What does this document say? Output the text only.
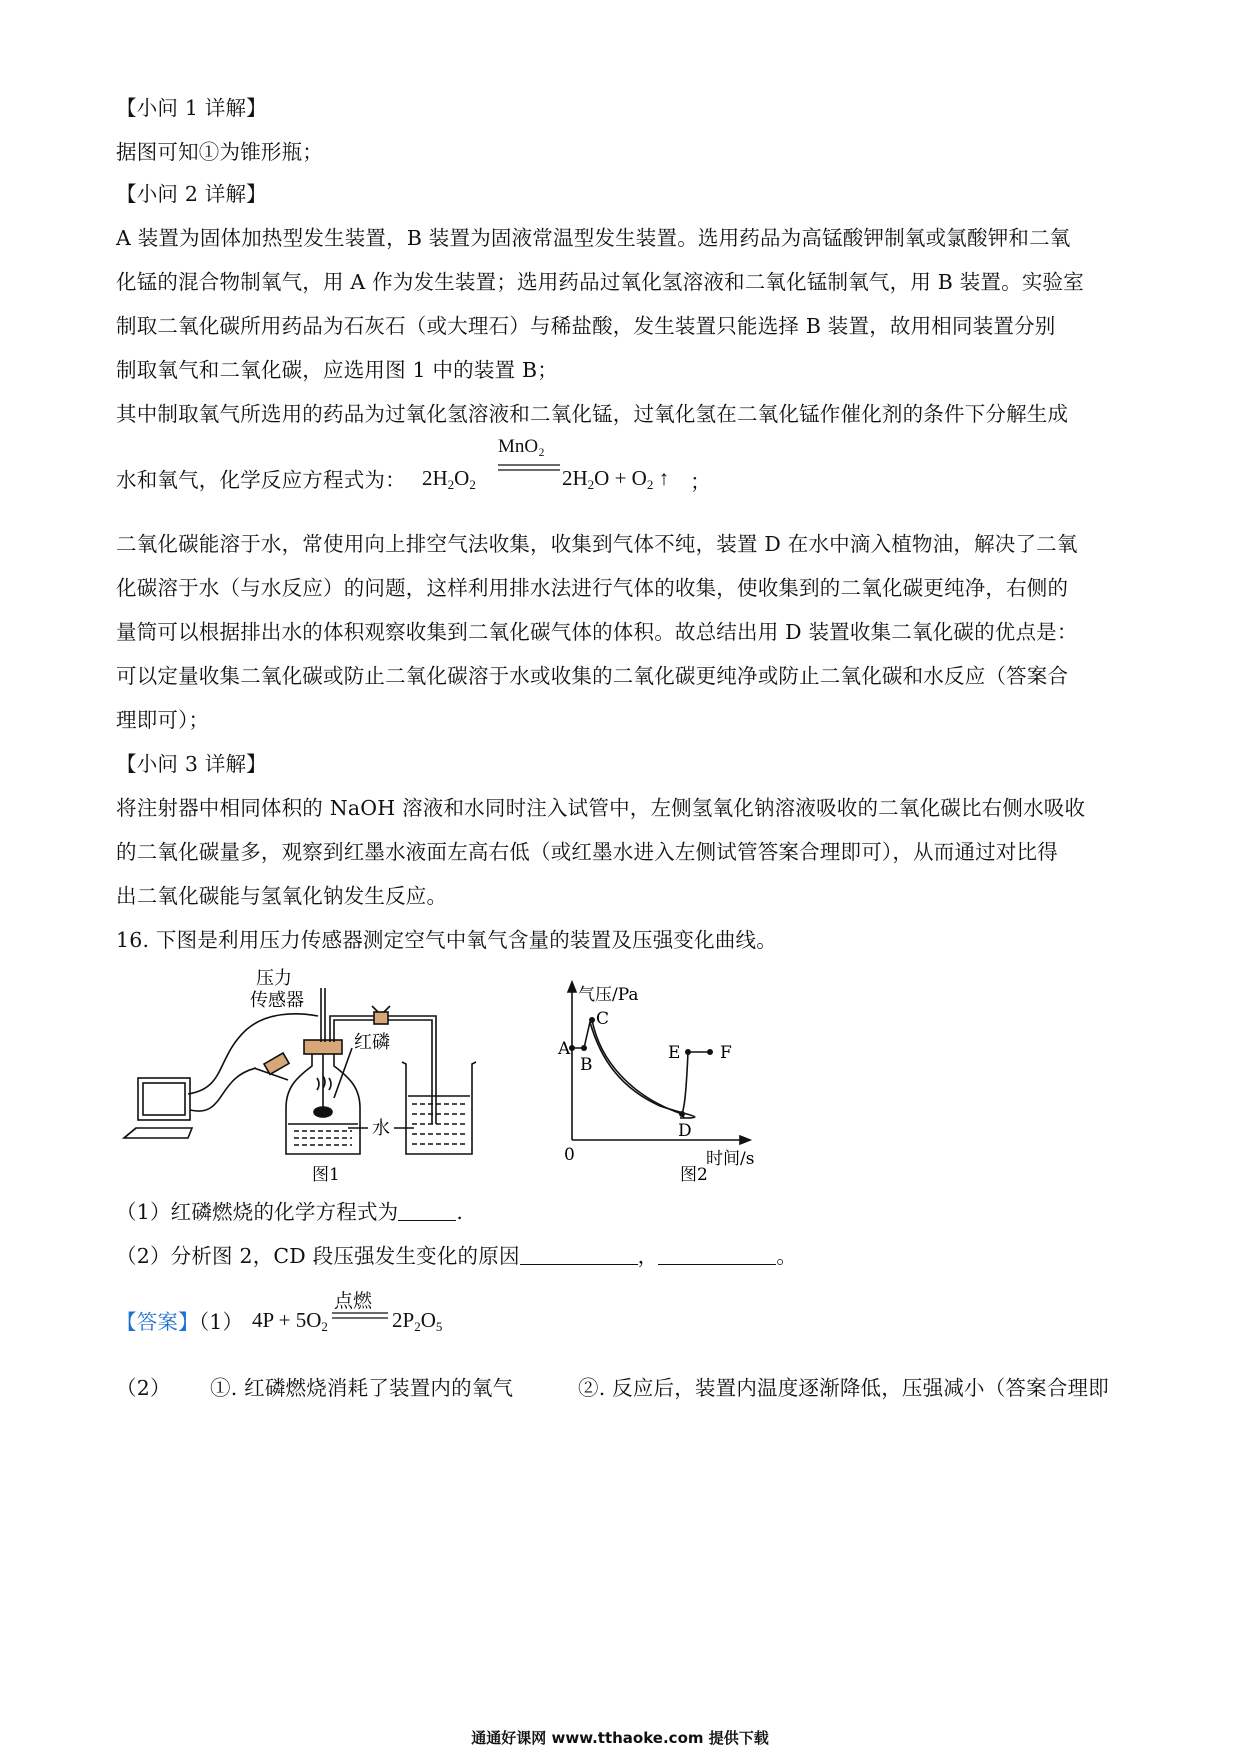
【小问 1 详解】
据图可知①为锥形瓶；
【小问 2 详解】
A 装置为固体加热型发生装置，B 装置为固液常温型发生装置。选用药品为高锰酸钾制氧或氯酸钾和二氧
化锰的混合物制氧气，用 A 作为发生装置；选用药品过氧化氢溶液和二氧化锰制氧气，用 B 装置。实验室
制取二氧化碳所用药品为石灰石（或大理石）与稀盐酸，发生装置只能选择 B 装置，故用相同装置分别
制取氧气和二氧化碳，应选用图 1 中的装置 B；
其中制取氧气所选用的药品为过氧化氢溶液和二氧化锰，过氧化氢在二氧化锰作催化剂的条件下分解生成
水和氧气，化学反应方程式为： $2H_2O_2$
MnO₂
$2H_2O + O_2$ ↑ ；
二氧化碳能溶于水，常使用向上排空气法收集，收集到气体不纯，装置 D 在水中滴入植物油，解决了二氧
化碳溶于水（与水反应）的问题，这样利用排水法进行气体的收集，使收集到的二氧化碳更纯净，右侧的
量筒可以根据排出水的体积观察收集到二氧化碳气体的体积。故总结出用 D 装置收集二氧化碳的优点是：
可以定量收集二氧化碳或防止二氧化碳溶于水或收集的二氧化碳更纯净或防止二氧化碳和水反应（答案合
理即可）；
【小问 3 详解】
将注射器中相同体积的 NaOH 溶液和水同时注入试管中，左侧氢氧化钠溶液吸收的二氧化碳比右侧水吸收
的二氧化碳量多，观察到红墨水液面左高右低（或红墨水进入左侧试管答案合理即可），从而通过对比得
出二氧化碳能与氢氧化钠发生反应。
16. 下图是利用压力传感器测定空气中氧气含量的装置及压强变化曲线。
压力
传感器
红磷
水
图1
气压/Pa
时间/s
0
A
B
C
D
E F
图2
（1）红磷燃烧的化学方程式为	.
（2）分析图 2，CD 段压强发生变化的原因	，	。
【答案】（1） $4P + 5O_2$
点燃
$2P_2O_5$
（2）	①. 红磷燃烧消耗了装置内的氧气	②. 反应后，装置内温度逐渐降低，压强减小（答案合理即
通通好课网 www.tthaoke.com 提供下载
